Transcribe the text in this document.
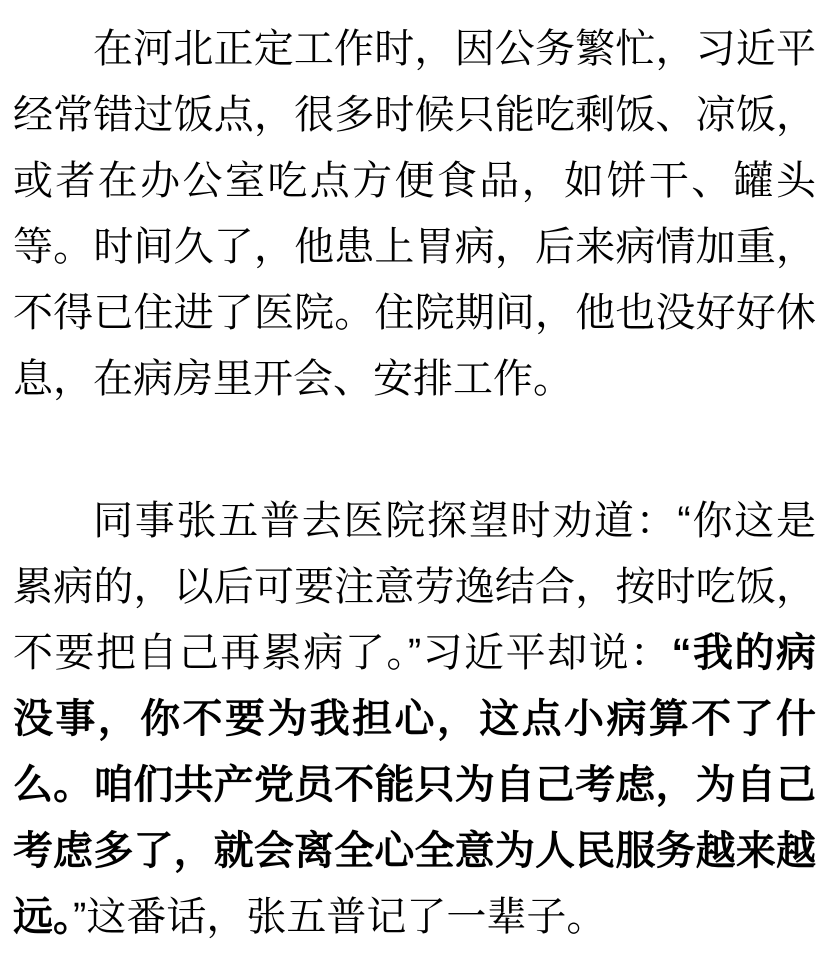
在河北正定工作时，因公务繁忙，习近平经常错过饭点，很多时候只能吃剩饭、凉饭，或者在办公室吃点方便食品，如饼干、罐头等。时间久了，他患上胃病，后来病情加重，不得已住进了医院。住院期间，他也没好好休息，在病房里开会、安排工作。

同事张五普去医院探望时劝道：“你这是累病的，以后可要注意劳逸结合，按时吃饭，不要把自己再累病了。”习近平却说：“我的病没事，你不要为我担心，这点小病算不了什么。咱们共产党员不能只为自己考虑，为自己考虑多了，就会离全心全意为人民服务越来越远。”这番话，张五普记了一辈子。
